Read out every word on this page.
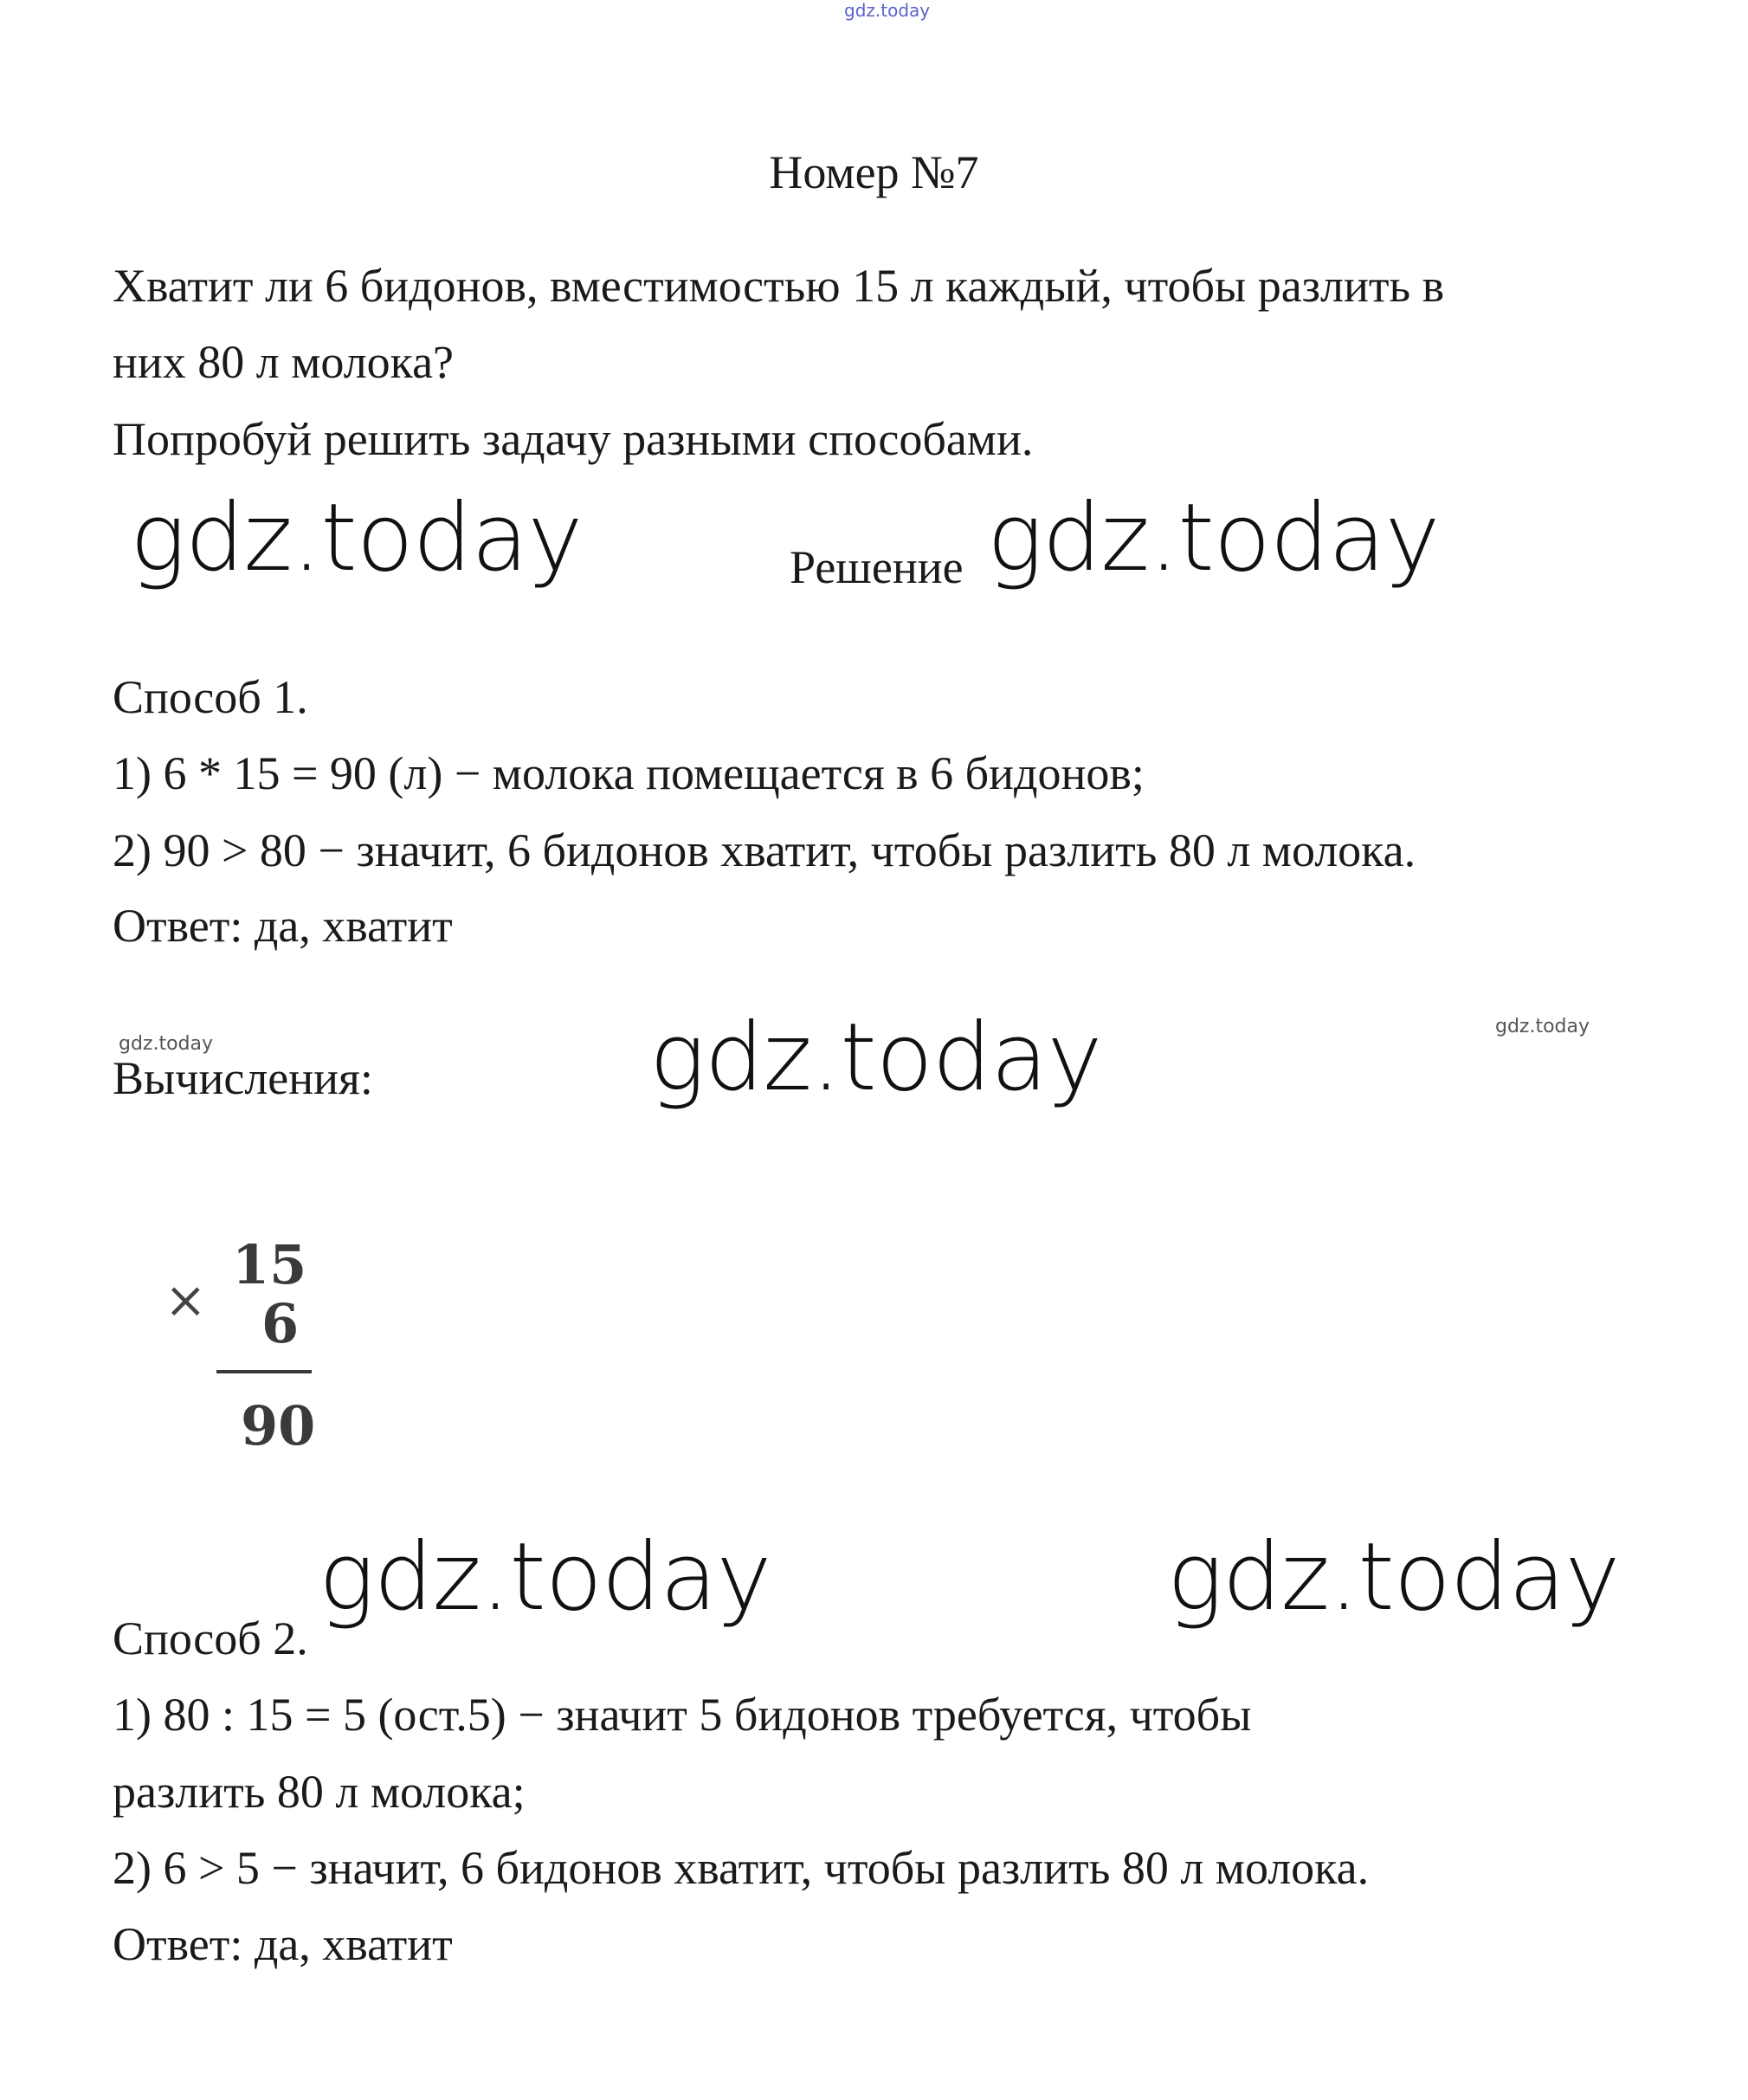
gdz.today
Номер №7
Хватит ли 6 бидонов, вместимостью 15 л каждый, чтобы разлить в
них 80 л молока?
Попробуй решить задачу разными способами.
gdz.today	Решение gdz.today
Способ 1.
1) 6 * 15 = 90 (л) − молока помещается в 6 бидонов;
2) 90 > 80 − значит, 6 бидонов хватит, чтобы разлить 80 л молока.
Ответ: да, хватит
gdz.today
gdz.today
Вычисления:	gdz.today
×
15
6
90
gdz.today	gdz.today
Способ 2.
1) 80 : 15 = 5 (ост.5) − значит 5 бидонов требуется, чтобы
разлить 80 л молока;
2) 6 > 5 − значит, 6 бидонов хватит, чтобы разлить 80 л молока.
Ответ: да, хватит
